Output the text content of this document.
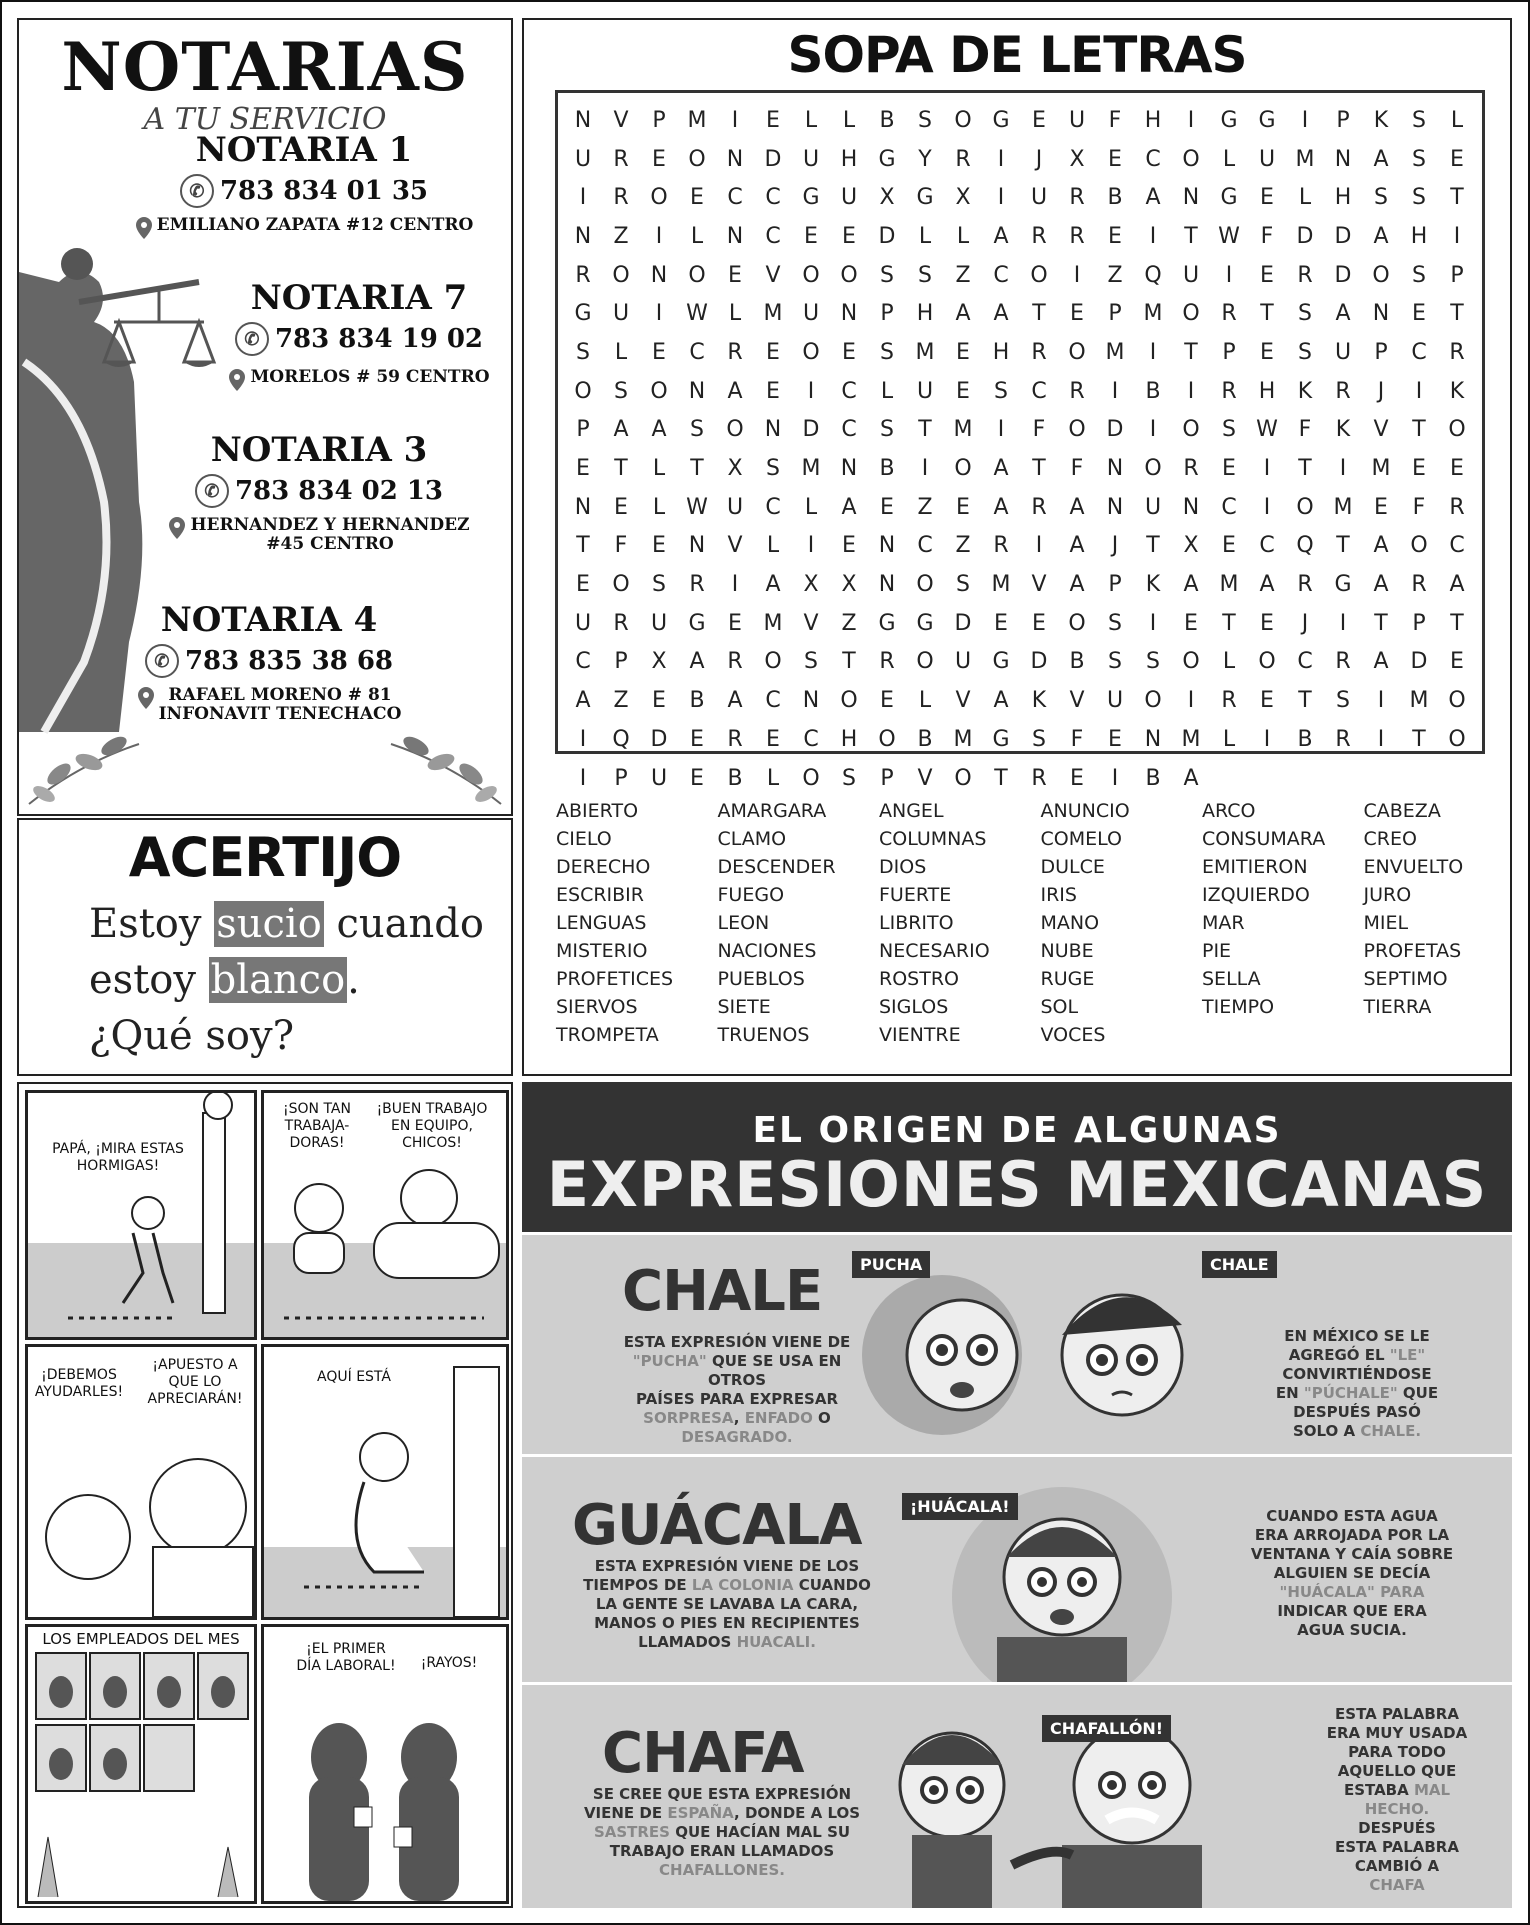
NOTARIAS
A TU SERVICIO
NOTARIA 1
✆ 783 834 01 35
EMILIANO ZAPATA #12 CENTRO
NOTARIA 7
✆ 783 834 19 02
MORELOS # 59 CENTRO
NOTARIA 3
✆ 783 834 02 13
HERNANDEZ Y HERNANDEZ
#45 CENTRO
NOTARIA 4
✆ 783 835 38 68
RAFAEL MORENO # 81
INFONAVIT TENECHACO
ACERTIJO
Estoy sucio cuando
estoy blanco.
¿Qué soy?
SOPA DE LETRAS
N	V	P M	I	E	L	L	B	S	O G	E	U	F	H	I	G G	I	P	K	S	L
U	R	E	O N D U H G	Y	R	I	J	X	E	C O	L	U M N	A	S	E
I	R O	E	C	C G U	X G X	I	U	R	B	A	N G	E	L	H	S	S	T
N	Z	I	L	N	C	E	E	D	L	L	A	R	R	E	I	T W F	D D	A	H	I
R O N O	E	V O O	S	S	Z	C O	I	Z Q U	I	E	R D O	S	P
G U	I	W L	M U N	P	H	A	A	T	E	P M O R	T	S	A	N	E	T
S	L	E	C	R	E	O	E	S M E	H	R O M	I	T	P	E	S	U	P	C	R
O	S	O N	A	E	I	C	L	U	E	S	C	R	I	B	I	R	H	K	R	J	I	K
P	A	A	S	O N D C	S	T M	I	F	O D	I	O	S W F	K	V	T	O
E	T	L	T	X	S M N	B	I	O A	T	F	N O R	E	I	T	I	M E	E
N	E	L W U	C	L	A	E	Z	E	A	R	A	N U N	C	I	O M E	F	R
T	F	E	N	V	L	I	E	N	C	Z	R	I	A	J	T	X	E	C Q	T	A O C
E	O	S	R	I	A	X	X	N O	S M V	A	P	K	A M A	R G A	R	A
U	R	U G	E M V	Z G G D	E	E	O	S	I	E	T	E	J	I	T	P	T
C	P	X	A	R O	S	T	R O U G D B	S	S	O	L	O C	R	A D	E
A	Z	E	B	A	C	N O	E	L	V	A	K	V	U O	I	R	E	T	S	I	M O
I	Q D	E	R	E	C	H O B M G	S	F	E	N M	L	I	B	R	I	T	O
I	P	U	E	B	L	O	S	P	V O	T	R	E	I	B	A
ABIERTO	AMARGARA	ANGEL	ANUNCIO	ARCO	CABEZA
CIELO	CLAMO	COLUMNAS	COMELO	CONSUMARA	CREO
DERECHO	DESCENDER	DIOS	DULCE	EMITIERON	ENVUELTO
ESCRIBIR	FUEGO	FUERTE	IRIS	IZQUIERDO	JURO
LENGUAS	LEON	LIBRITO	MANO	MAR	MIEL
MISTERIO	NACIONES	NECESARIO	NUBE	PIE	PROFETAS
PROFETICES	PUEBLOS	ROSTRO	RUGE	SELLA	SEPTIMO
SIERVOS	SIETE	SIGLOS	SOL	TIEMPO	TIERRA
TROMPETA	TRUENOS	VIENTRE	VOCES
PAPÁ, ¡MIRA ESTAS HORMIGAS!
¡SON TAN TRABAJA- DORAS!
¡BUEN TRABAJO EN EQUIPO, CHICOS!
¡DEBEMOS AYUDARLES!
¡APUESTO A QUE LO APRECIARÁN!
AQUÍ ESTÁ
LOS EMPLEADOS DEL MES
¡EL PRIMER DÍA LABORAL!	¡RAYOS!
EL ORIGEN DE ALGUNAS
EXPRESIONES MEXICANAS
CHALE	PUCHA	CHALE
ESTA EXPRESIÓN VIENE DE
"PUCHA" QUE SE USA EN OTROS
PAÍSES PARA EXPRESAR
SORPRESA, ENFADO O
DESAGRADO.
EN MÉXICO SE LE
AGREGÓ EL "LE"
CONVIRTIÉNDOSE
EN "PÚCHALE" QUE
DESPUÉS PASÓ
SOLO A CHALE.
GUÁCALA	¡HUÁCALA!
ESTA EXPRESIÓN VIENE DE LOS
TIEMPOS DE LA COLONIA CUANDO
LA GENTE SE LAVABA LA CARA,
MANOS O PIES EN RECIPIENTES
LLAMADOS HUACALI.
CUANDO ESTA AGUA
ERA ARROJADA POR LA
VENTANA Y CAÍA SOBRE
ALGUIEN SE DECÍA
"HUÁCALA" PARA
INDICAR QUE ERA
AGUA SUCIA.
CHAFA	CHAFALLÓN!
SE CREE QUE ESTA EXPRESIÓN
VIENE DE ESPAÑA, DONDE A LOS
SASTRES QUE HACÍAN MAL SU
TRABAJO ERAN LLAMADOS
CHAFALLONES.
ESTA PALABRA
ERA MUY USADA
PARA TODO
AQUELLO QUE
ESTABA MAL
HECHO.
DESPUÉS
ESTA PALABRA
CAMBIÓ A
CHAFA
